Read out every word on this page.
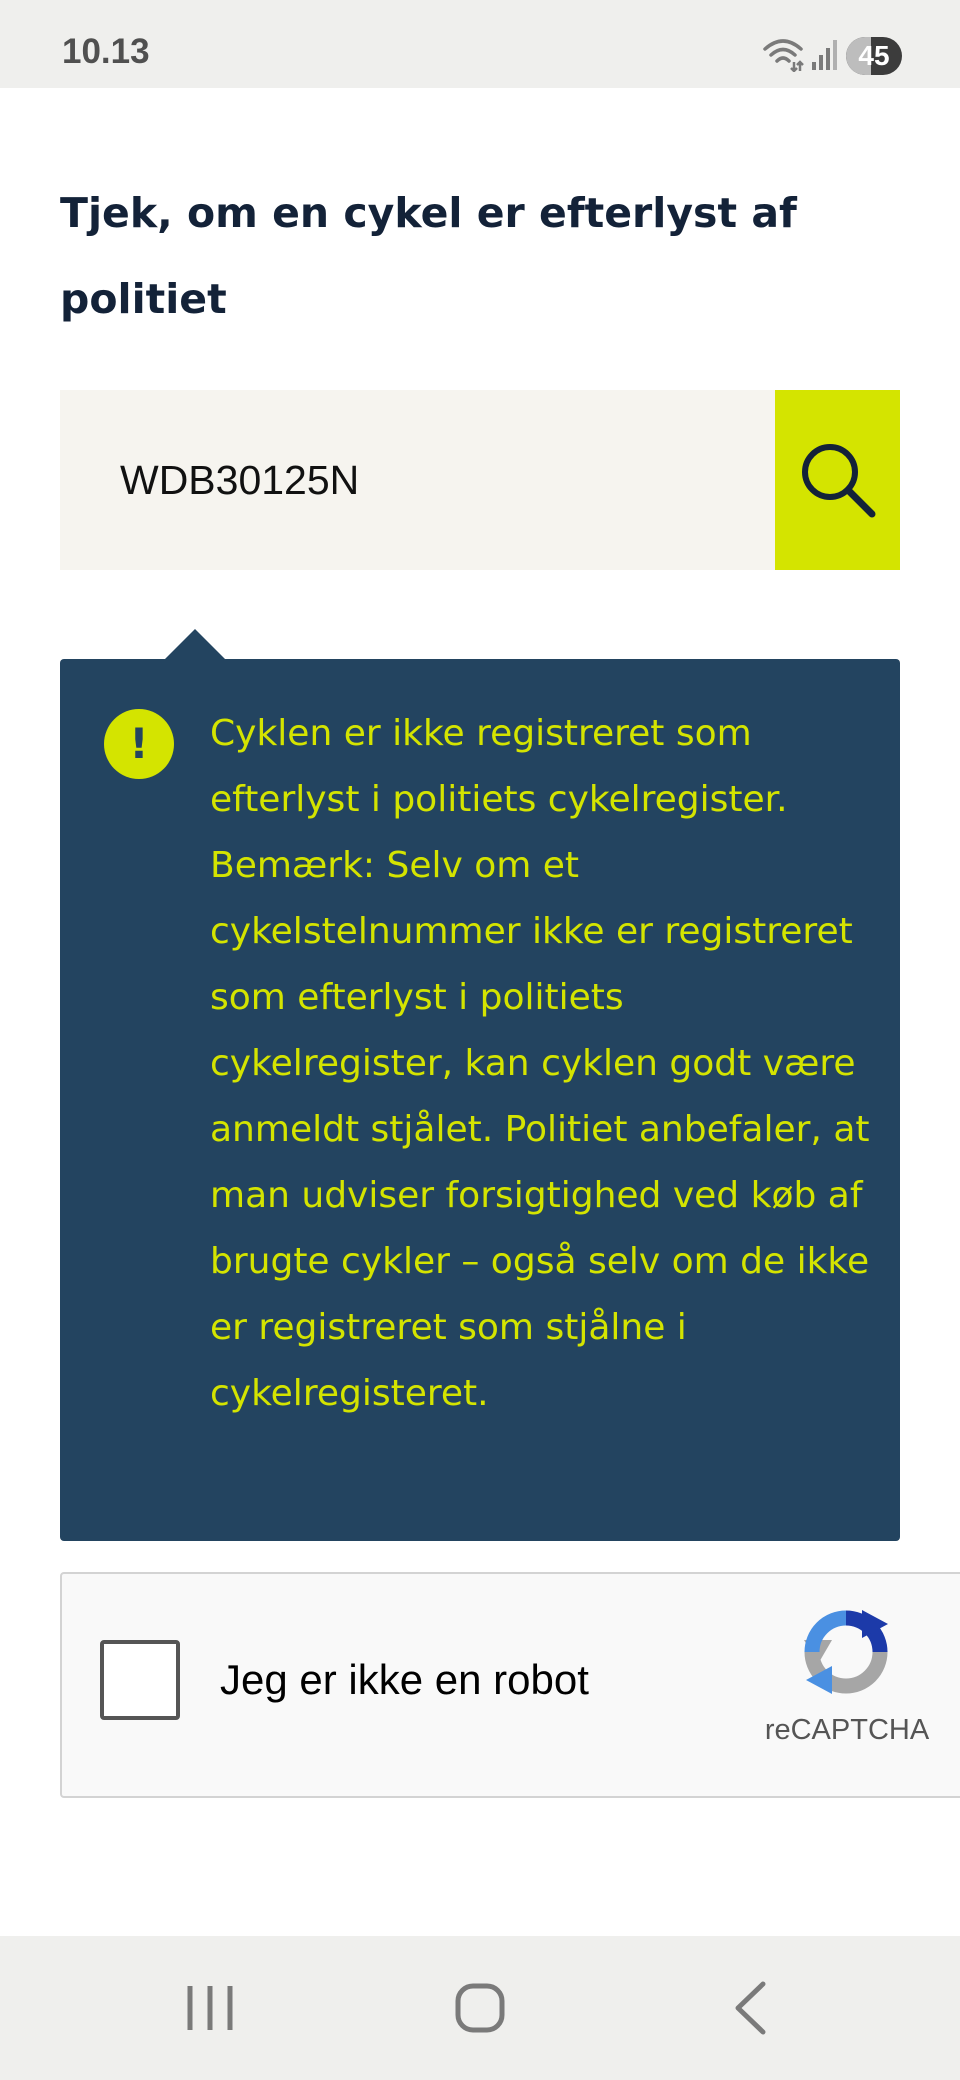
10.13	45
Tjek, om en cykel er efterlyst af politiet
WDB30125N
!	Cyklen er ikke registreret som efterlyst i politiets cykelregister. Bemærk: Selv om et cykelstelnummer ikke er registreret som efterlyst i politiets cykelregister, kan cyklen godt være anmeldt stjålet. Politiet anbefaler, at man udviser forsigtighed ved køb af brugte cykler – også selv om de ikke er registreret som stjålne i cykelregisteret.

Jeg er ikke en robot
reCAPTCHA
